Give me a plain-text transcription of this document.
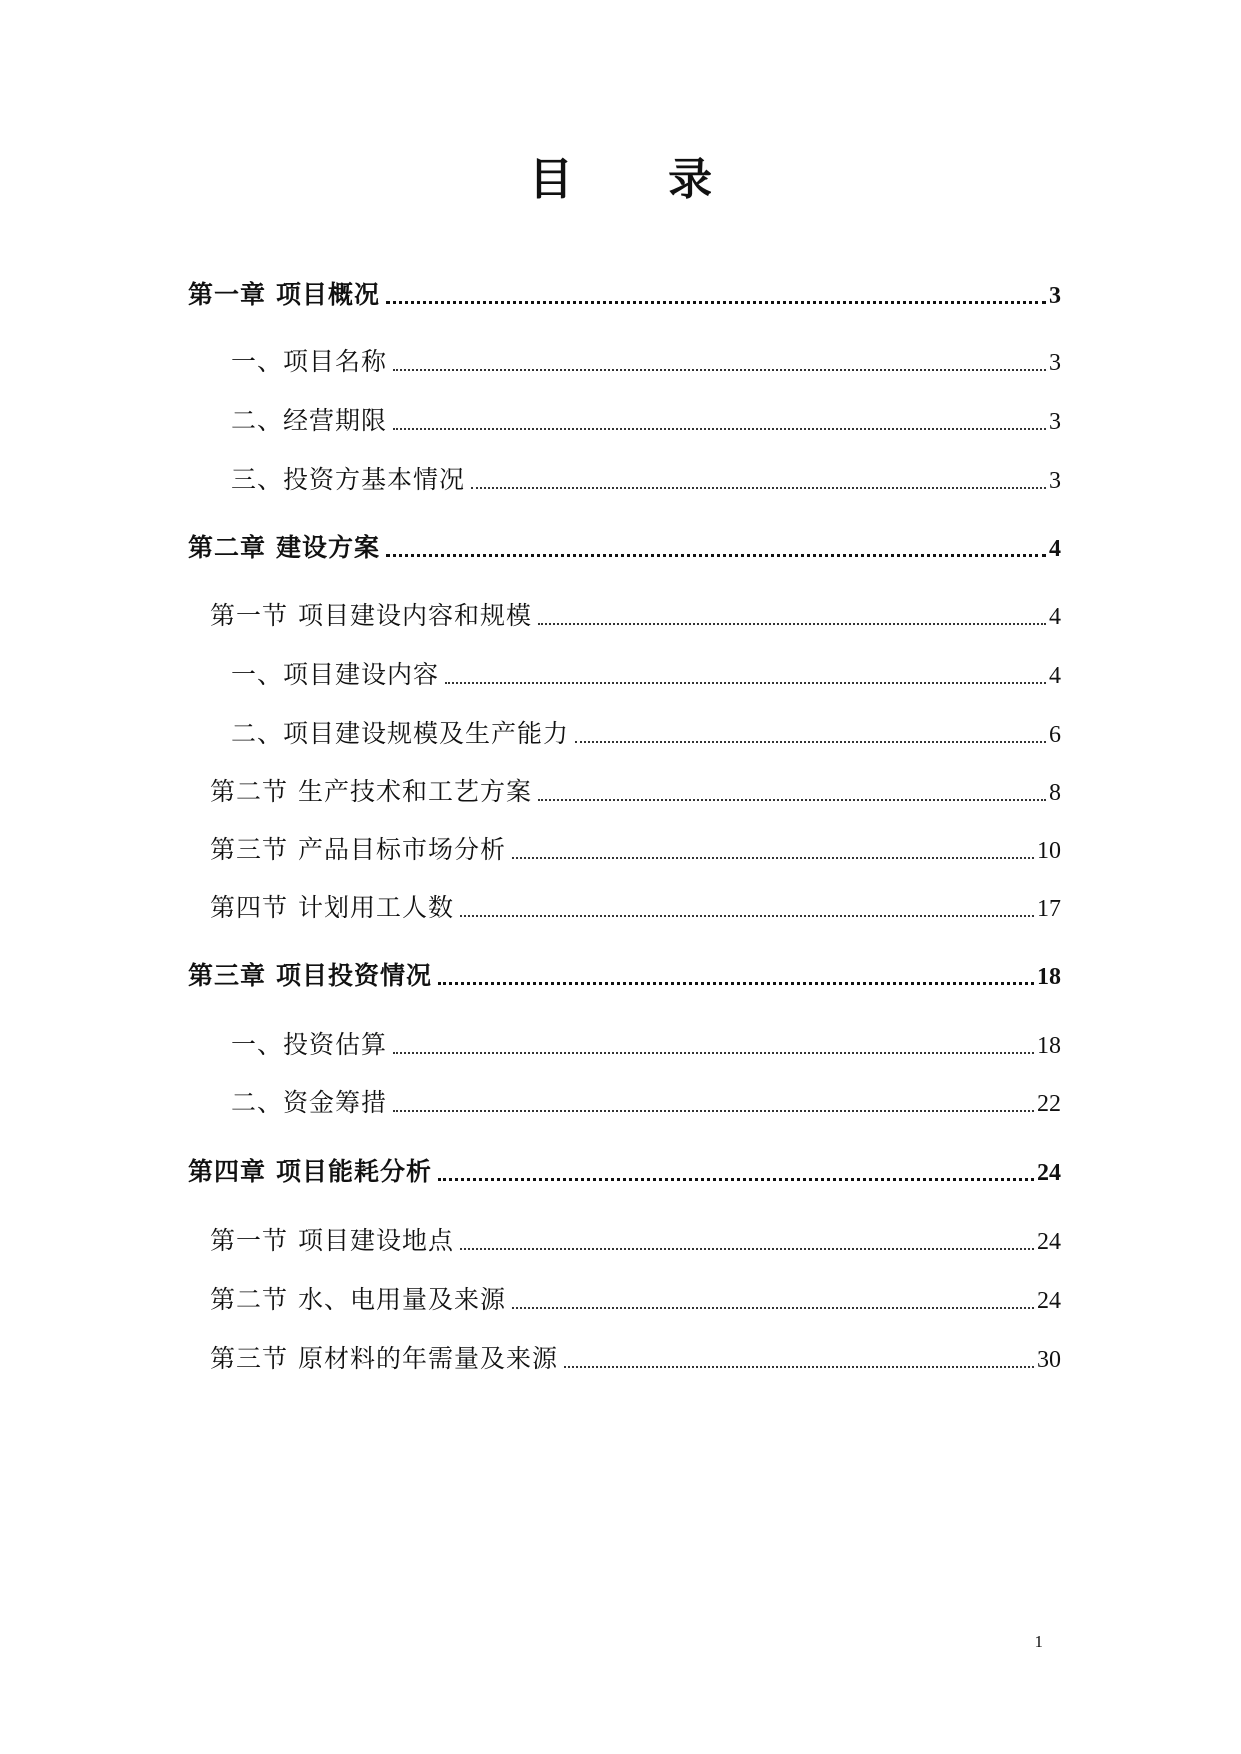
目 录
第一章 项目概况	3
一、项目名称	3
二、经营期限	3
三、投资方基本情况	3
第二章 建设方案	4
第一节 项目建设内容和规模	4
一、项目建设内容	4
二、项目建设规模及生产能力	6
第二节 生产技术和工艺方案	8
第三节 产品目标市场分析	10
第四节 计划用工人数	17
第三章 项目投资情况	18
一、投资估算	18
二、资金筹措	22
第四章 项目能耗分析	24
第一节 项目建设地点	24
第二节 水、电用量及来源	24
第三节 原材料的年需量及来源	30
1
